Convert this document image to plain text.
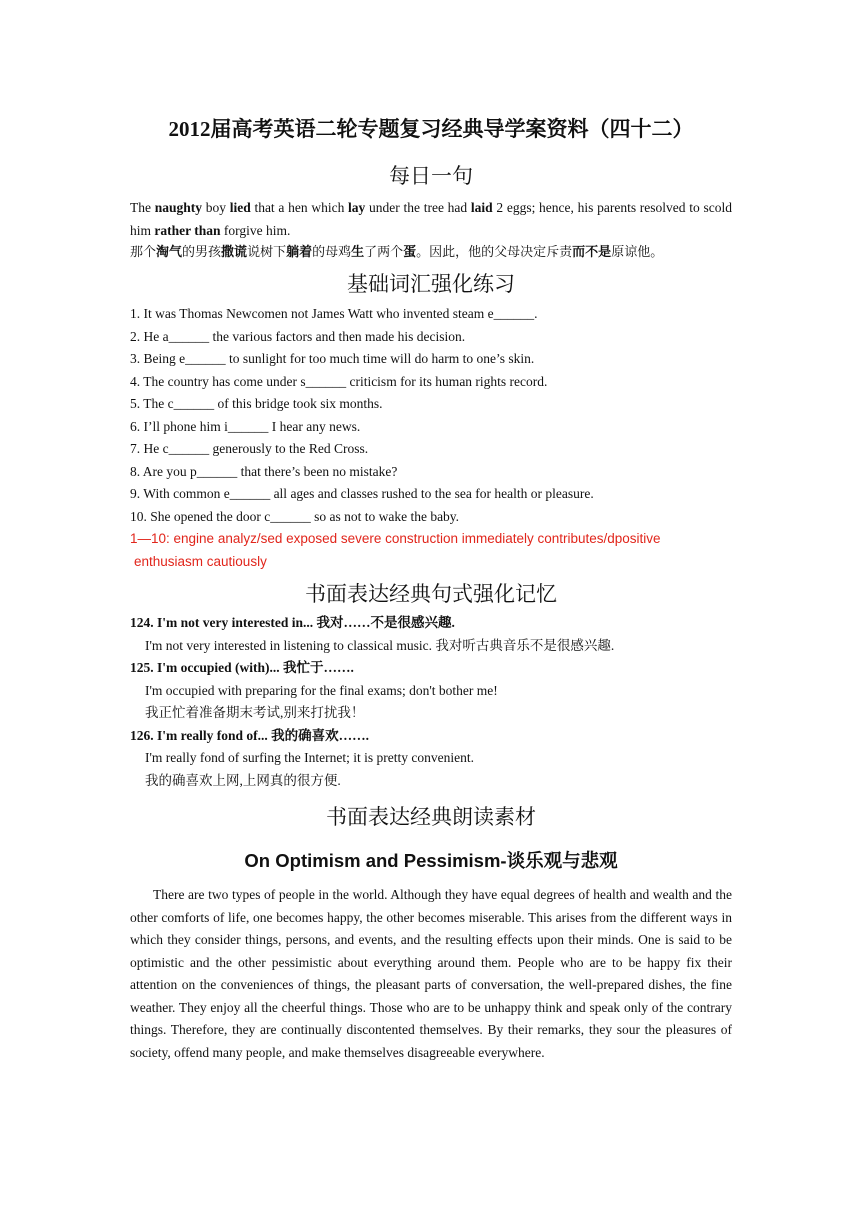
2012届高考英语二轮专题复习经典导学案资料（四十二）
每日一句

The naughty boy lied that a hen which lay under the tree had laid 2 eggs; hence, his parents resolved to scold him rather than forgive him.

那个淘气的男孩撒谎说树下躺着的母鸡生了两个蛋。因此，他的父母决定斥责而不是原谅他。

基础词汇强化练习

1. It was Thomas Newcomen not James Watt who invented steam e______.

2. He a______ the various factors and then made his decision.

3. Being e______ to sunlight for too much time will do harm to one’s skin.

4. The country has come under s______ criticism for its human rights record.

5. The c______ of this bridge took six months.

6. I’ll phone him i______ I hear any news.

7. He c______ generously to the Red Cross.

8. Are you p______ that there’s been no mistake?

9. With common e______ all ages and classes rushed to the sea for health or pleasure.

10. She opened the door c______ so as not to wake the baby.

1—10: engine analyz/sed exposed severe construction immediately contributes/dpositive

enthusiasm cautiously

书面表达经典句式强化记忆

124. I'm not very interested in... 我对……不是很感兴趣.

I'm not very interested in listening to classical music. 我对听古典音乐不是很感兴趣.

125. I'm occupied (with)... 我忙于…….

I'm occupied with preparing for the final exams; don't bother me!

我正忙着准备期末考试,别来打扰我！

126. I'm really fond of... 我的确喜欢…….

I'm really fond of surfing the Internet; it is pretty convenient.

我的确喜欢上网,上网真的很方便.

书面表达经典朗读素材
On Optimism and Pessimism-谈乐观与悲观

There are two types of people in the world. Although they have equal degrees of health and wealth and the other comforts of life, one becomes happy, the other becomes miserable. This arises from the different ways in which they consider things, persons, and events, and the resulting effects upon their minds. One is said to be optimistic and the other pessimistic about everything around them. People who are to be happy fix their attention on the conveniences of things, the pleasant parts of conversation, the well-prepared dishes, the fine weather. They enjoy all the cheerful things. Those who are to be unhappy think and speak only of the contrary things. Therefore, they are continually discontented themselves. By their remarks, they sour the pleasures of society, offend many people, and make themselves disagreeable everywhere.
